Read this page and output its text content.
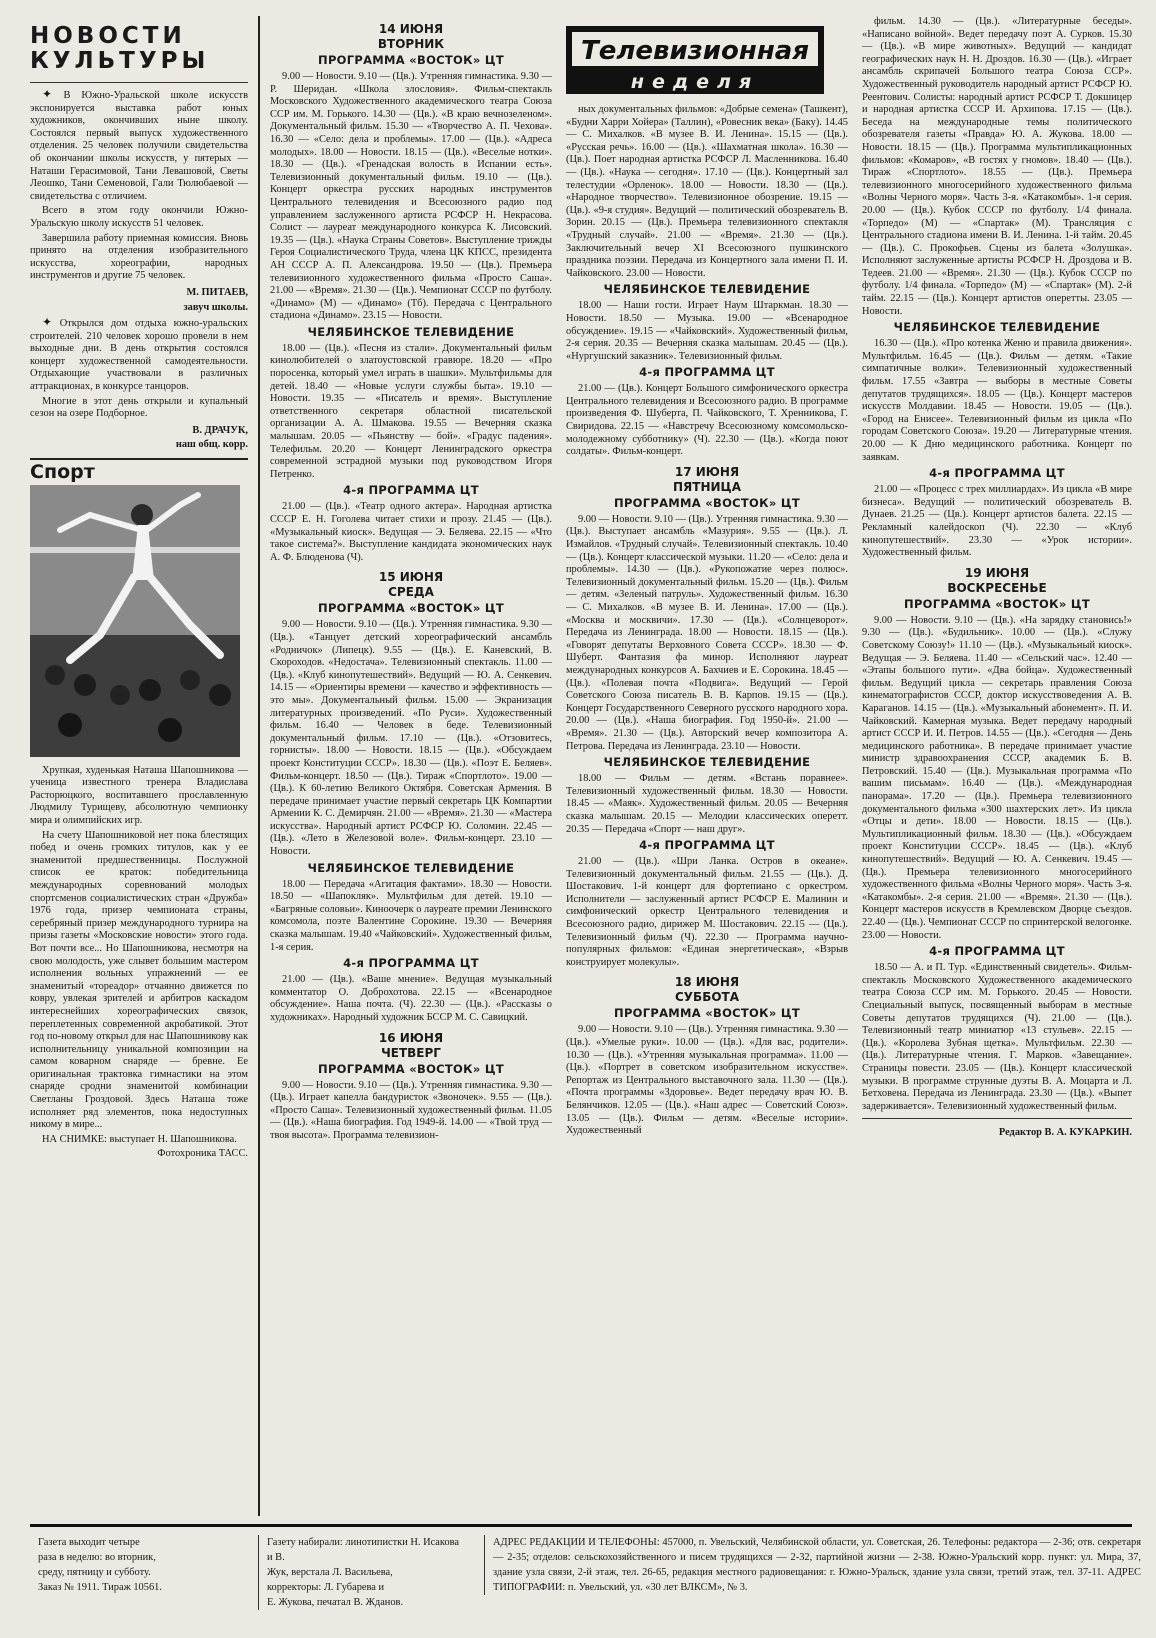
НОВОСТИ КУЛЬТУРЫ

✦ В Южно-Уральской школе искусств экспонируется выставка работ юных художников, окончивших ныне школу. Состоялся первый выпуск художественного отделения. 25 человек получили свидетельства об окончании школы искусств, у пятерых — Наташи Герасимовой, Тани Левашовой, Светы Леошко, Тани Семеновой, Гали Тюлюбаевой — свидетельства с отличием.

Всего в этом году окончили Южно-Уральскую школу искусств 51 человек.

Завершила работу приемная комиссия. Вновь принято на отделения изобразительного искусства, хореографии, народных инструментов и другие 75 человек.

М. ПИТАЕВ,

завуч школы.

✦ Открылся дом отдыха южно-уральских строителей. 210 человек хорошо провели в нем выходные дни. В день открытия состоялся концерт художественной самодеятельности. Отдыхающие участвовали в различных аттракционах, в конкурсе танцоров.

Многие в этот день открыли и купальный сезон на озере Подборное.

В. ДРАЧУК,

наш общ. корр.

Спорт

Хрупкая, худенькая Наташа Шапошникова — ученица известного тренера Владислава Расторюцкого, воспитавшего прославленную Людмилу Турищеву, абсолютную чемпионку мира и олимпийских игр.

На счету Шапошниковой нет пока блестящих побед и очень громких титулов, как у ее знаменитой предшественницы. Послужной список ее краток: победительница международных соревнований молодых спортсменов социалистических стран «Дружба» 1976 года, призер чемпионата страны, серебряный призер международного турнира на призы газеты «Московские новости» этого года. Вот почти все... Но Шапошникова, несмотря на свою молодость, уже слывет большим мастером исполнения вольных упражнений — ее знаменитый «тореадор» отчаянно движется по ковру, увлекая зрителей и арбитров каскадом интереснейших хореографических связок, переплетенных современной акробатикой. Этот год по-новому открыл для нас Шапошникову как исполнительницу уникальной композиции на самом коварном снаряде — бревне. Ее оригинальная трактовка гимнастики на этом снаряде сродни знаменитой комбинации Светланы Гроздовой. Здесь Наташа тоже исполняет ряд элементов, пока недоступных никому в мире...

НА СНИМКЕ: выступает Н. Шапошникова.

Фотохроника ТАСС.

14 ИЮНЯ
ВТОРНИК
ПРОГРАММА «ВОСТОК» ЦТ

9.00 — Новости. 9.10 — (Цв.). Утренняя гимнастика. 9.30 — Р. Шеридан. «Школа злословия». Фильм-спектакль Московского Художественного академического театра Союза ССР им. М. Горького. 14.30 — (Цв.). «В краю вечнозеленом». Документальный фильм. 15.30 — «Творчество А. П. Чехова». 16.30 — «Село: дела и проблемы». 17.00 — (Цв.). «Адреса молодых». 18.00 — Новости. 18.15 — (Цв.). «Веселые нотки». 18.30 — (Цв.). «Гренадская волость в Испании есть». Телевизионный документальный фильм. 19.10 — (Цв.). Концерт оркестра русских народных инструментов Центрального телевидения и Всесоюзного радио под управлением заслуженного артиста РСФСР Н. Некрасова. Солист — лауреат международного конкурса К. Лисовский. 19.35 — (Цв.). «Наука Страны Советов». Выступление трижды Героя Социалистического Труда, члена ЦК КПСС, президента АН СССР А. П. Александрова. 19.50 — (Цв.). Премьера телевизионного художественного фильма «Просто Саша». 21.00 — «Время». 21.30 — (Цв.). Чемпионат СССР по футболу. «Динамо» (М) — «Динамо» (Тб). Передача с Центрального стадиона «Динамо». 23.15 — Новости.

ЧЕЛЯБИНСКОЕ ТЕЛЕВИДЕНИЕ

18.00 — (Цв.). «Песня из стали». Документальный фильм кинолюбителей о златоустовской гравюре. 18.20 — «Про поросенка, который умел играть в шашки». Мультфильмы для детей. 18.40 — «Новые услуги службы быта». 19.10 — Новости. 19.35 — «Писатель и время». Выступление ответственного секретаря областной писательской организации А. А. Шмакова. 19.55 — Вечерняя сказка малышам. 20.05 — «Пьянству — бой». «Градус падения». Телефильм. 20.20 — Концерт Ленинградского оркестра современной эстрадной музыки под руководством Игоря Петренко.

4-я ПРОГРАММА ЦТ

21.00 — (Цв.). «Театр одного актера». Народная артистка СССР Е. Н. Гоголева читает стихи и прозу. 21.45 — (Цв.). «Музыкальный киоск». Ведущая — Э. Беляева. 22.15 — «Что такое система?». Выступление кандидата экономических наук А. Ф. Блюденова (Ч).

15 ИЮНЯ
СРЕДА
ПРОГРАММА «ВОСТОК» ЦТ

9.00 — Новости. 9.10 — (Цв.). Утренняя гимнастика. 9.30 — (Цв.). «Танцует детский хореографический ансамбль «Родничок» (Липецк). 9.55 — (Цв.). Е. Каневский, В. Скороходов. «Недостача». Телевизионный спектакль. 11.00 — (Цв.). «Клуб кинопутешествий». Ведущий — Ю. А. Сенкевич. 14.15 — «Ориентиры времени — качество и эффективность — это мы». Документальный фильм. 15.00 — Экранизация литературных произведений. «По Руси». Художественный фильм. 16.40 — Человек в беде. Телевизионный документальный фильм. 17.10 — (Цв.). «Отзовитесь, горнисты». 18.00 — Новости. 18.15 — (Цв.). «Обсуждаем проект Конституции СССР». 18.30 — (Цв.). «Поэт Е. Беляев». Фильм-концерт. 18.50 — (Цв.). Тираж «Спортлото». 19.00 — (Цв.). К 60-летию Великого Октября. Советская Армения. В передаче принимает участие первый секретарь ЦК Компартии Армении К. С. Демирчян. 21.00 — «Время». 21.30 — «Мастера искусства». Народный артист РСФСР Ю. Соломин. 22.45 — (Цв.). «Лето в Железовой воле». Фильм-концерт. 23.10 — Новости.

ЧЕЛЯБИНСКОЕ ТЕЛЕВИДЕНИЕ

18.00 — Передача «Агитация фактами». 18.30 — Новости. 18.50 — «Шапокляк». Мультфильм для детей. 19.10 — «Багряные соловьи». Киноочерк о лауреате премии Ленинского комсомола, поэте Валентине Сорокине. 19.30 — Вечерняя сказка малышам. 19.40 «Чайковский». Художественный фильм, 1-я серия.

4-я ПРОГРАММА ЦТ

21.00 — (Цв.). «Ваше мнение». Ведущая музыкальный комментатор О. Доброхотова. 22.15 — «Всенародное обсуждение». Наша почта. (Ч). 22.30 — (Цв.). «Рассказы о художниках». Народный художник БССР М. С. Савицкий.

16 ИЮНЯ
ЧЕТВЕРГ
ПРОГРАММА «ВОСТОК» ЦТ

9.00 — Новости. 9.10 — (Цв.). Утренняя гимнастика. 9.30 — (Цв.). Играет капелла бандуристок «Звоночек». 9.55 — (Цв.). «Просто Саша». Телевизионный художественный фильм. 11.05 — (Цв.). «Наша биография. Год 1949-й. 14.00 — «Твой труд — твоя высота». Программа телевизион-

Телевизионная
неделя

ных документальных фильмов: «Добрые семена» (Ташкент), «Будни Харри Хойера» (Таллин), «Ровесник века» (Баку). 14.45 — С. Михалков. «В музее В. И. Ленина». 15.15 — (Цв.). «Русская речь». 16.00 — (Цв.). «Шахматная школа». 16.30 — (Цв.). Поет народная артистка РСФСР Л. Масленникова. 16.40 — (Цв.). «Наука — сегодня». 17.10 — (Цв.). Концертный зал телестудии «Орленок». 18.00 — Новости. 18.30 — (Цв.). «Народное творчество». Телевизионное обозрение. 19.15 — (Цв.). «9-я студия». Ведущий — политический обозреватель В. Зорин. 20.15 — (Цв.). Премьера телевизионного спектакля «Трудный случай». 21.00 — «Время». 21.30 — (Цв.). Заключительный вечер XI Всесоюзного пушкинского праздника поэзии. Передача из Концертного зала имени П. И. Чайковского. 23.00 — Новости.

ЧЕЛЯБИНСКОЕ ТЕЛЕВИДЕНИЕ

18.00 — Наши гости. Играет Наум Штаркман. 18.30 — Новости. 18.50 — Музыка. 19.00 — «Всенародное обсуждение». 19.15 — «Чайковский». Художественный фильм, 2-я серия. 20.35 — Вечерняя сказка малышам. 20.45 — (Цв.). «Нургушский заказник». Телевизионный фильм.

4-я ПРОГРАММА ЦТ

21.00 — (Цв.). Концерт Большого симфонического оркестра Центрального телевидения и Всесоюзного радио. В программе произведения Ф. Шуберта, П. Чайковского, Т. Хренникова, Г. Свиридова. 22.15 — «Навстречу Всесоюзному комсомольско-молодежному субботнику» (Ч). 22.30 — (Цв.). «Когда поют солдаты». Фильм-концерт.

17 ИЮНЯ
ПЯТНИЦА
ПРОГРАММА «ВОСТОК» ЦТ

9.00 — Новости. 9.10 — (Цв.). Утренняя гимнастика. 9.30 — (Цв.). Выступает ансамбль «Мазурия». 9.55 — (Цв.). Л. Измайлов. «Трудный случай». Телевизионный спектакль. 10.40 — (Цв.). Концерт классической музыки. 11.20 — «Село: дела и проблемы». 14.30 — (Цв.). «Рукопожатие через полюс». Телевизионный документальный фильм. 15.20 — (Цв.). Фильм — детям. «Зеленый патруль». Художественный фильм. 16.30 — С. Михалков. «В музее В. И. Ленина». 17.00 — (Цв.). «Москва и москвичи». 17.30 — (Цв.). «Солнцеворот». Передача из Ленинграда. 18.00 — Новости. 18.15 — (Цв.). «Говорят депутаты Верховного Совета СССР». 18.30 — Ф. Шуберт. Фантазия фа минор. Исполняют лауреат международных конкурсов А. Бахчиев и Е. Сорокина. 18.45 — (Цв.). «Полевая почта «Подвига». Ведущий — Герой Советского Союза писатель В. В. Карпов. 19.15 — (Цв.). Концерт Государственного Северного русского народного хора. 20.00 — (Цв.). «Наша биография. Год 1950-й». 21.00 — «Время». 21.30 — (Цв.). Авторский вечер композитора А. Петрова. Передача из Ленинграда. 23.10 — Новости.

ЧЕЛЯБИНСКОЕ ТЕЛЕВИДЕНИЕ

18.00 — Фильм — детям. «Встань поравнее». Телевизионный художественный фильм. 18.30 — Новости. 18.45 — «Маяк». Художественный фильм. 20.05 — Вечерняя сказка малышам. 20.15 — Мелодии классических оперетт. 20.35 — Передача «Спорт — наш друг».

4-я ПРОГРАММА ЦТ

21.00 — (Цв.). «Шри Ланка. Остров в океане». Телевизионный документальный фильм. 21.55 — (Цв.). Д. Шостакович. 1-й концерт для фортепиано с оркестром. Исполнители — заслуженный артист РСФСР Е. Малинин и симфонический оркестр Центрального телевидения и Всесоюзного радио, дирижер М. Шостакович. 22.15 — (Цв.). Телевизионный фильм (Ч). 22.30 — Программа научно-популярных фильмов: «Единая энергетическая», «Взрыв конструирует молекулы».

18 ИЮНЯ
СУББОТА
ПРОГРАММА «ВОСТОК» ЦТ

9.00 — Новости. 9.10 — (Цв.). Утренняя гимнастика. 9.30 — (Цв.). «Умелые руки». 10.00 — (Цв.). «Для вас, родители». 10.30 — (Цв.). «Утренняя музыкальная программа». 11.00 — (Цв.). «Портрет в советском изобразительном искусстве». Репортаж из Центрального выставочного зала. 11.30 — (Цв.). «Почта программы «Здоровье». Ведет передачу врач Ю. В. Белянчиков. 12.05 — (Цв.). «Наш адрес — Советский Союз». 13.05 — (Цв.). Фильм — детям. «Веселые истории». Художественный

фильм. 14.30 — (Цв.). «Литературные беседы». «Написано войной». Ведет передачу поэт А. Сурков. 15.30 — (Цв.). «В мире животных». Ведущий — кандидат географических наук Н. Н. Дроздов. 16.30 — (Цв.). «Играет ансамбль скрипачей Большого театра Союза ССР». Художественный руководитель народный артист РСФСР Ю. Реентович. Солисты: народный артист РСФСР Т. Докшицер и народная артистка СССР И. Архипова. 17.15 — (Цв.). Беседа на международные темы политического обозревателя газеты «Правда» Ю. А. Жукова. 18.00 — Новости. 18.15 — (Цв.). Программа мультипликационных фильмов: «Комаров», «В гостях у гномов». 18.40 — (Цв.). Тираж «Спортлото». 18.55 — (Цв.). Премьера телевизионного многосерийного художественного фильма «Волны Черного моря». Часть 3-я. «Катакомбы». 1-я серия. 20.00 — (Цв.). Кубок СССР по футболу. 1/4 финала. «Торпедо» (М) — «Спартак» (М). Трансляция с Центрального стадиона имени В. И. Ленина. 1-й тайм. 20.45 — (Цв.). С. Прокофьев. Сцены из балета «Золушка». Исполняют заслуженные артисты РСФСР Н. Дроздова и В. Тедеев. 21.00 — «Время». 21.30 — (Цв.). Кубок СССР по футболу. 1/4 финала. «Торпедо» (М) — «Спартак» (М). 2-й тайм. 22.15 — (Цв.). Концерт артистов оперетты. 23.05 — Новости.

ЧЕЛЯБИНСКОЕ ТЕЛЕВИДЕНИЕ

16.30 — (Цв.). «Про котенка Женю и правила движения». Мультфильм. 16.45 — (Цв.). Фильм — детям. «Такие симпатичные волки». Телевизионный художественный фильм. 17.55 «Завтра — выборы в местные Советы депутатов трудящихся». 18.05 — (Цв.). Концерт мастеров искусств Молдавии. 18.45 — Новости. 19.05 — (Цв.). «Город на Енисее». Телевизионный фильм из цикла «По городам Советского Союза». 19.20 — Литературные чтения. 20.00 — К Дню медицинского работника. Концерт по заявкам.

4-я ПРОГРАММА ЦТ

21.00 — «Процесс с трех миллиардах». Из цикла «В мире бизнеса». Ведущий — политический обозреватель В. Дунаев. 21.25 — (Цв.). Концерт артистов балета. 22.15 — Рекламный калейдоскоп (Ч). 22.30 — «Клуб кинопутешествий». 23.30 — «Урок истории». Художественный фильм.

19 ИЮНЯ
ВОСКРЕСЕНЬЕ
ПРОГРАММА «ВОСТОК» ЦТ

9.00 — Новости. 9.10 — (Цв.). «На зарядку становись!» 9.30 — (Цв.). «Будильник». 10.00 — (Цв.). «Служу Советскому Союзу!» 11.10 — (Цв.). «Музыкальный киоск». Ведущая — Э. Беляева. 11.40 — «Сельский час». 12.40 — «Этапы большого пути». «Два бойца». Художественный фильм. Ведущий цикла — секретарь правления Союза кинематографистов СССР, доктор искусствоведения А. В. Караганов. 14.15 — (Цв.). «Музыкальный абонемент». П. И. Чайковский. Камерная музыка. Ведет передачу народный артист СССР И. И. Петров. 14.55 — (Цв.). «Сегодня — День медицинского работника». В передаче принимает участие министр здравоохранения СССР, академик Б. В. Петровский. 15.40 — (Цв.). Музыкальная программа «По вашим письмам». 16.40 — (Цв.). «Международная панорама». 17.20 — (Цв.). Премьера телевизионного документального фильма «300 шахтерских лет». Из цикла «Отцы и дети». 18.00 — Новости. 18.15 — (Цв.). Мультипликационный фильм. 18.30 — (Цв.). «Обсуждаем проект Конституции СССР». 18.45 — (Цв.). «Клуб кинопутешествий». Ведущий — Ю. А. Сенкевич. 19.45 — (Цв.). Премьера телевизионного многосерийного художественного фильма «Волны Черного моря». Часть 3-я. «Катакомбы». 2-я серия. 21.00 — «Время». 21.30 — (Цв.). Концерт мастеров искусств в Кремлевском Дворце съездов. 22.40 — (Цв.). Чемпионат СССР по спринтерской велогонке. 23.00 — Новости.

4-я ПРОГРАММА ЦТ

18.50 — А. и П. Тур. «Единственный свидетель». Фильм-спектакль Московского Художественного академического театра Союза ССР им. М. Горького. 20.45 — Новости. Специальный выпуск, посвященный выборам в местные Советы депутатов трудящихся (Ч). 21.00 — (Цв.). Телевизионный театр миниатюр «13 стульев». 22.15 — (Цв.). «Королева Зубная щетка». Мультфильм. 22.30 — (Цв.). Литературные чтения. Г. Марков. «Завещание». Страницы повести. 23.05 — (Цв.). Концерт классической музыки. В программе струнные дуэты В. А. Моцарта и Л. Бетховена. Передача из Ленинграда. 23.30 — (Цв.). «Выпет задерживается». Телевизионный художественный фильм.

Редактор В. А. КУКАРКИН.

Газета выходит четыре
раза в неделю: во вторник,
среду, пятницу и субботу.
Заказ № 1911. Тираж 10561.
Газету набирали: линотипистки Н. Исакова и В.
Жук, верстала Л. Васильева,
корректоры: Л. Губарева и
Е. Жукова, печатал В. Жданов.
АДРЕС РЕДАКЦИИ И ТЕЛЕФОНЫ: 457000, п. Увельский, Челябинской области, ул. Советская, 26. Телефоны: редактора — 2-36; отв. секретаря — 2-35; отделов: сельскохозяйственного и писем трудящихся — 2-32, партийной жизни — 2-38. Южно-Уральский корр. пункт: ул. Мира, 37, здание узла связи, 2-й этаж, тел. 26-65, редакция местного радиовещания: г. Южно-Уральск, здание узла связи, третий этаж, тел. 37-11. АДРЕС ТИПОГРАФИИ: п. Увельский, ул. «30 лет ВЛКСМ», № 3.
